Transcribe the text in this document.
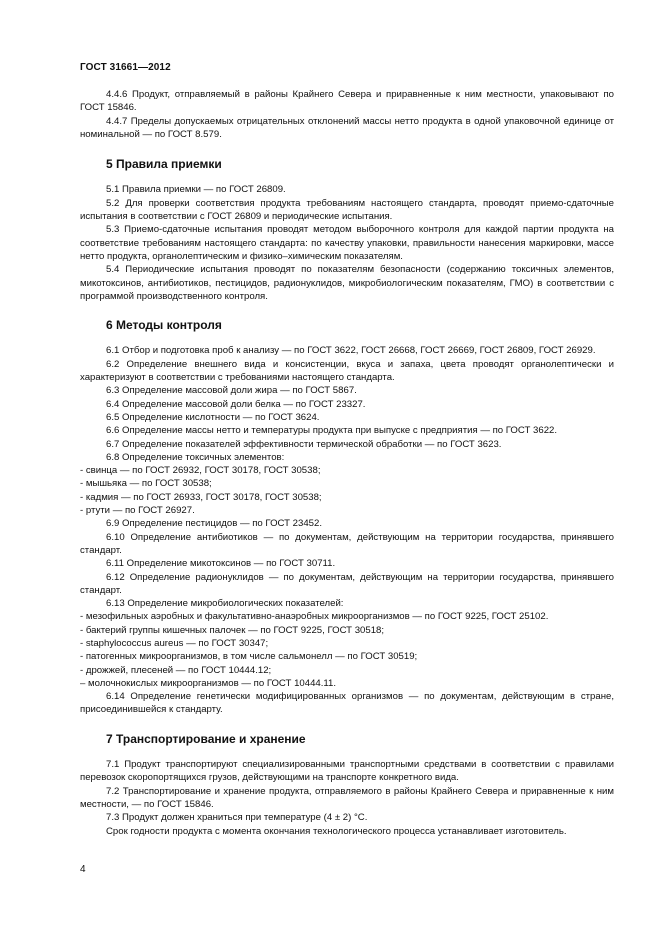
ГОСТ 31661—2012

4.4.6 Продукт, отправляемый в районы Крайнего Севера и приравненные к ним местности, упаковывают по ГОСТ 15846.

4.4.7 Пределы допускаемых отрицательных отклонений массы нетто продукта в одной упаковочной единице от номинальной — по ГОСТ 8.579.

5 Правила приемки

5.1 Правила приемки — по ГОСТ 26809.

5.2 Для проверки соответствия продукта требованиям настоящего стандарта, проводят приемо-сдаточные испытания в соответствии с ГОСТ 26809 и периодические испытания.

5.3 Приемо-сдаточные испытания проводят методом выборочного контроля для каждой партии продукта на соответствие требованиям настоящего стандарта: по качеству упаковки, правильности нанесения маркировки, массе нетто продукта, органолептическим и физико–химическим показателям.

5.4 Периодические испытания проводят по показателям безопасности (содержанию токсичных элементов, микотоксинов, антибиотиков, пестицидов, радионуклидов, микробиологическим показателям, ГМО) в соответствии с программой производственного контроля.

6 Методы контроля

6.1 Отбор и подготовка проб к анализу — по ГОСТ 3622, ГОСТ 26668, ГОСТ 26669, ГОСТ 26809, ГОСТ 26929.

6.2 Определение внешнего вида и консистенции, вкуса и запаха, цвета проводят органолептически и характеризуют в соответствии с требованиями настоящего стандарта.

6.3 Определение массовой доли жира — по ГОСТ 5867.

6.4 Определение массовой доли белка — по ГОСТ 23327.

6.5 Определение кислотности — по ГОСТ 3624.

6.6 Определение массы нетто и температуры продукта при выпуске с предприятия — по ГОСТ 3622.

6.7 Определение показателей эффективности термической обработки — по ГОСТ 3623.

6.8 Определение токсичных элементов:

- свинца — по ГОСТ 26932, ГОСТ 30178, ГОСТ 30538;

- мышьяка — по ГОСТ 30538;

- кадмия — по ГОСТ 26933, ГОСТ 30178, ГОСТ 30538;

- ртути — по ГОСТ 26927.

6.9 Определение пестицидов — по ГОСТ 23452.

6.10 Определение антибиотиков — по документам, действующим на территории государства, принявшего стандарт.

6.11 Определение микотоксинов — по ГОСТ 30711.

6.12 Определение радионуклидов — по документам, действующим на территории государства, принявшего стандарт.

6.13 Определение микробиологических показателей:

- мезофильных аэробных и факультативно-анаэробных микроорганизмов — по ГОСТ 9225, ГОСТ 25102.

- бактерий группы кишечных палочек — по ГОСТ 9225, ГОСТ 30518;

- staphylococcus aureus — по ГОСТ 30347;

- патогенных микроорганизмов, в том числе сальмонелл — по ГОСТ 30519;

- дрожжей, плесеней — по ГОСТ 10444.12;

– молочнокислых микроорганизмов — по ГОСТ 10444.11.

6.14 Определение генетически модифицированных организмов — по документам, действующим в стране, присоединившейся к стандарту.

7 Транспортирование и хранение

7.1 Продукт транспортируют специализированными транспортными средствами в соответствии с правилами перевозок скоропортящихся грузов, действующими на транспорте конкретного вида.

7.2 Транспортирование и хранение продукта, отправляемого в районы Крайнего Севера и приравненные к ним местности, — по ГОСТ 15846.

7.3 Продукт должен храниться при температуре (4 ± 2) °С.

Срок годности продукта с момента окончания технологического процесса устанавливает изготовитель.

4
